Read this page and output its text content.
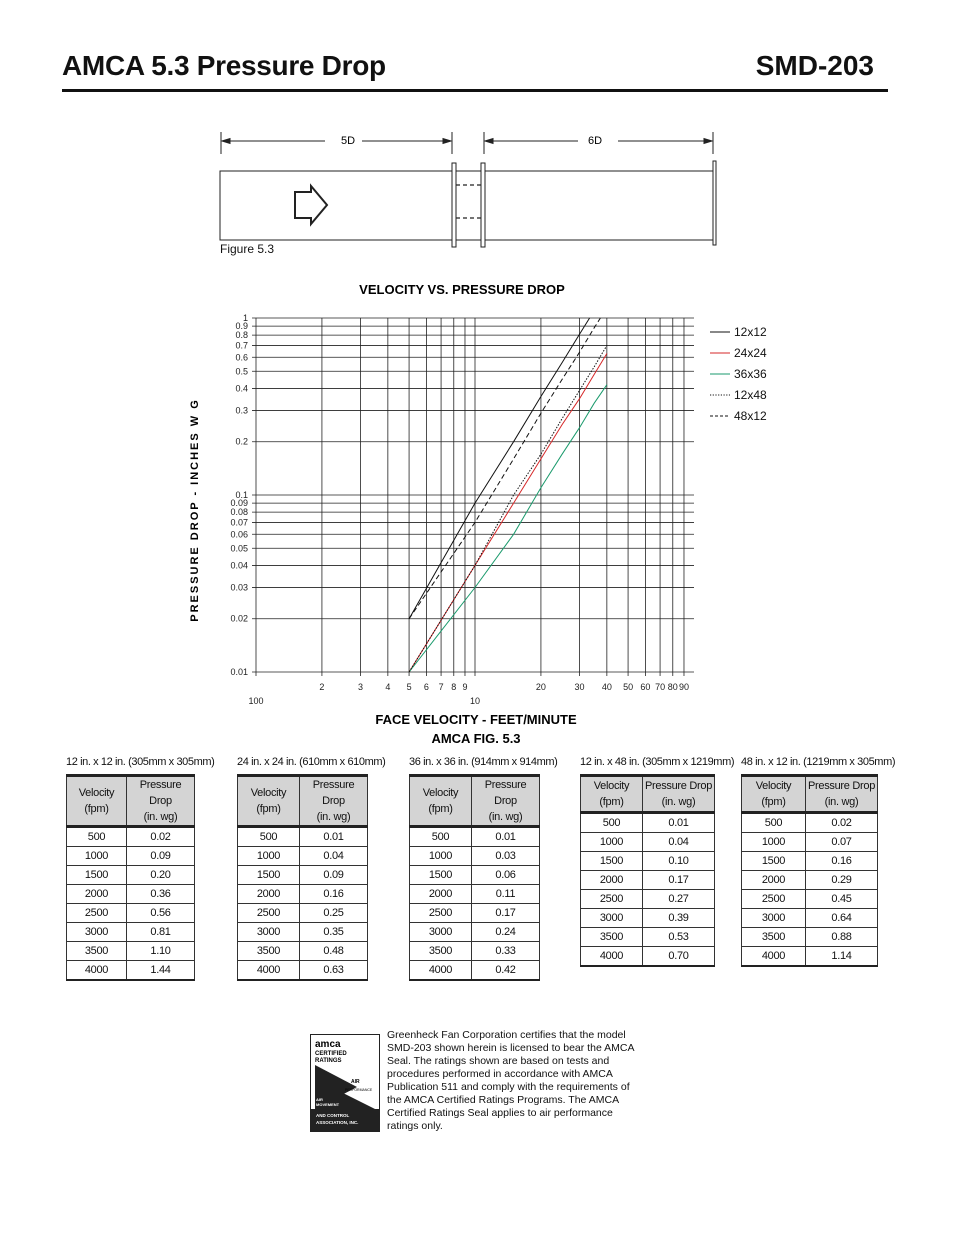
AMCA 5.3 Pressure Drop	SMD-203
5D	6D
Figure 5.3
VELOCITY VS. PRESSURE DROP
0.01
0.02
0.03
0.04
0.05
0.06
0.07
0.08
0.09
0.1
0.2
0.3
0.4
0.5
0.6
0.7
0.8
0.9
1
100
2	3 4 5 6 7 8 9
10
20	30 40 50 60 70 80 90
12x12
24x24
36x36
12x48
48x12
PRESSURE DROP - INCHES W G
FACE VELOCITY - FEET/MINUTE
AMCA FIG. 5.3
12 in. x 12 in. (305mm x 305mm)
Velocity (fpm)	Pressure Drop
(in. wg)
500	0.02
1000	0.09
1500	0.20
2000	0.36
2500	0.56
3000	0.81
3500	1.10
4000	1.44
24 in. x 24 in. (610mm x 610mm)
Velocity (fpm)	Pressure Drop
(in. wg)
500	0.01
1000	0.04
1500	0.09
2000	0.16
2500	0.25
3000	0.35
3500	0.48
4000	0.63
36 in. x 36 in. (914mm x 914mm)
Velocity (fpm)	Pressure Drop
(in. wg)
500	0.01
1000	0.03
1500	0.06
2000	0.11
2500	0.17
3000	0.24
3500	0.33
4000	0.42
12 in. x 48 in. (305mm x 1219mm)
Velocity (fpm)	Pressure Drop
(in. wg)
500	0.01
1000	0.04
1500	0.10
2000	0.17
2500	0.27
3000	0.39
3500	0.53
4000	0.70
48 in. x 12 in. (1219mm x 305mm)
Velocity (fpm)	Pressure Drop
(in. wg)
500	0.02
1000	0.07
1500	0.16
2000	0.29
2500	0.45
3000	0.64
3500	0.88
4000	1.14
amca
CERTIFIED
RATINGS
AIR
PERFORMANCE
AIR
MOVEMENT
AND CONTROL
ASSOCIATION, INC.
Greenheck Fan Corporation certifies that the model SMD-203 shown herein is licensed to bear the AMCA Seal. The ratings shown are based on tests and procedures performed in accordance with AMCA Publication 511 and comply with the requirements of the AMCA Certified Ratings Programs. The AMCA Certified Ratings Seal applies to air performance ratings only.
